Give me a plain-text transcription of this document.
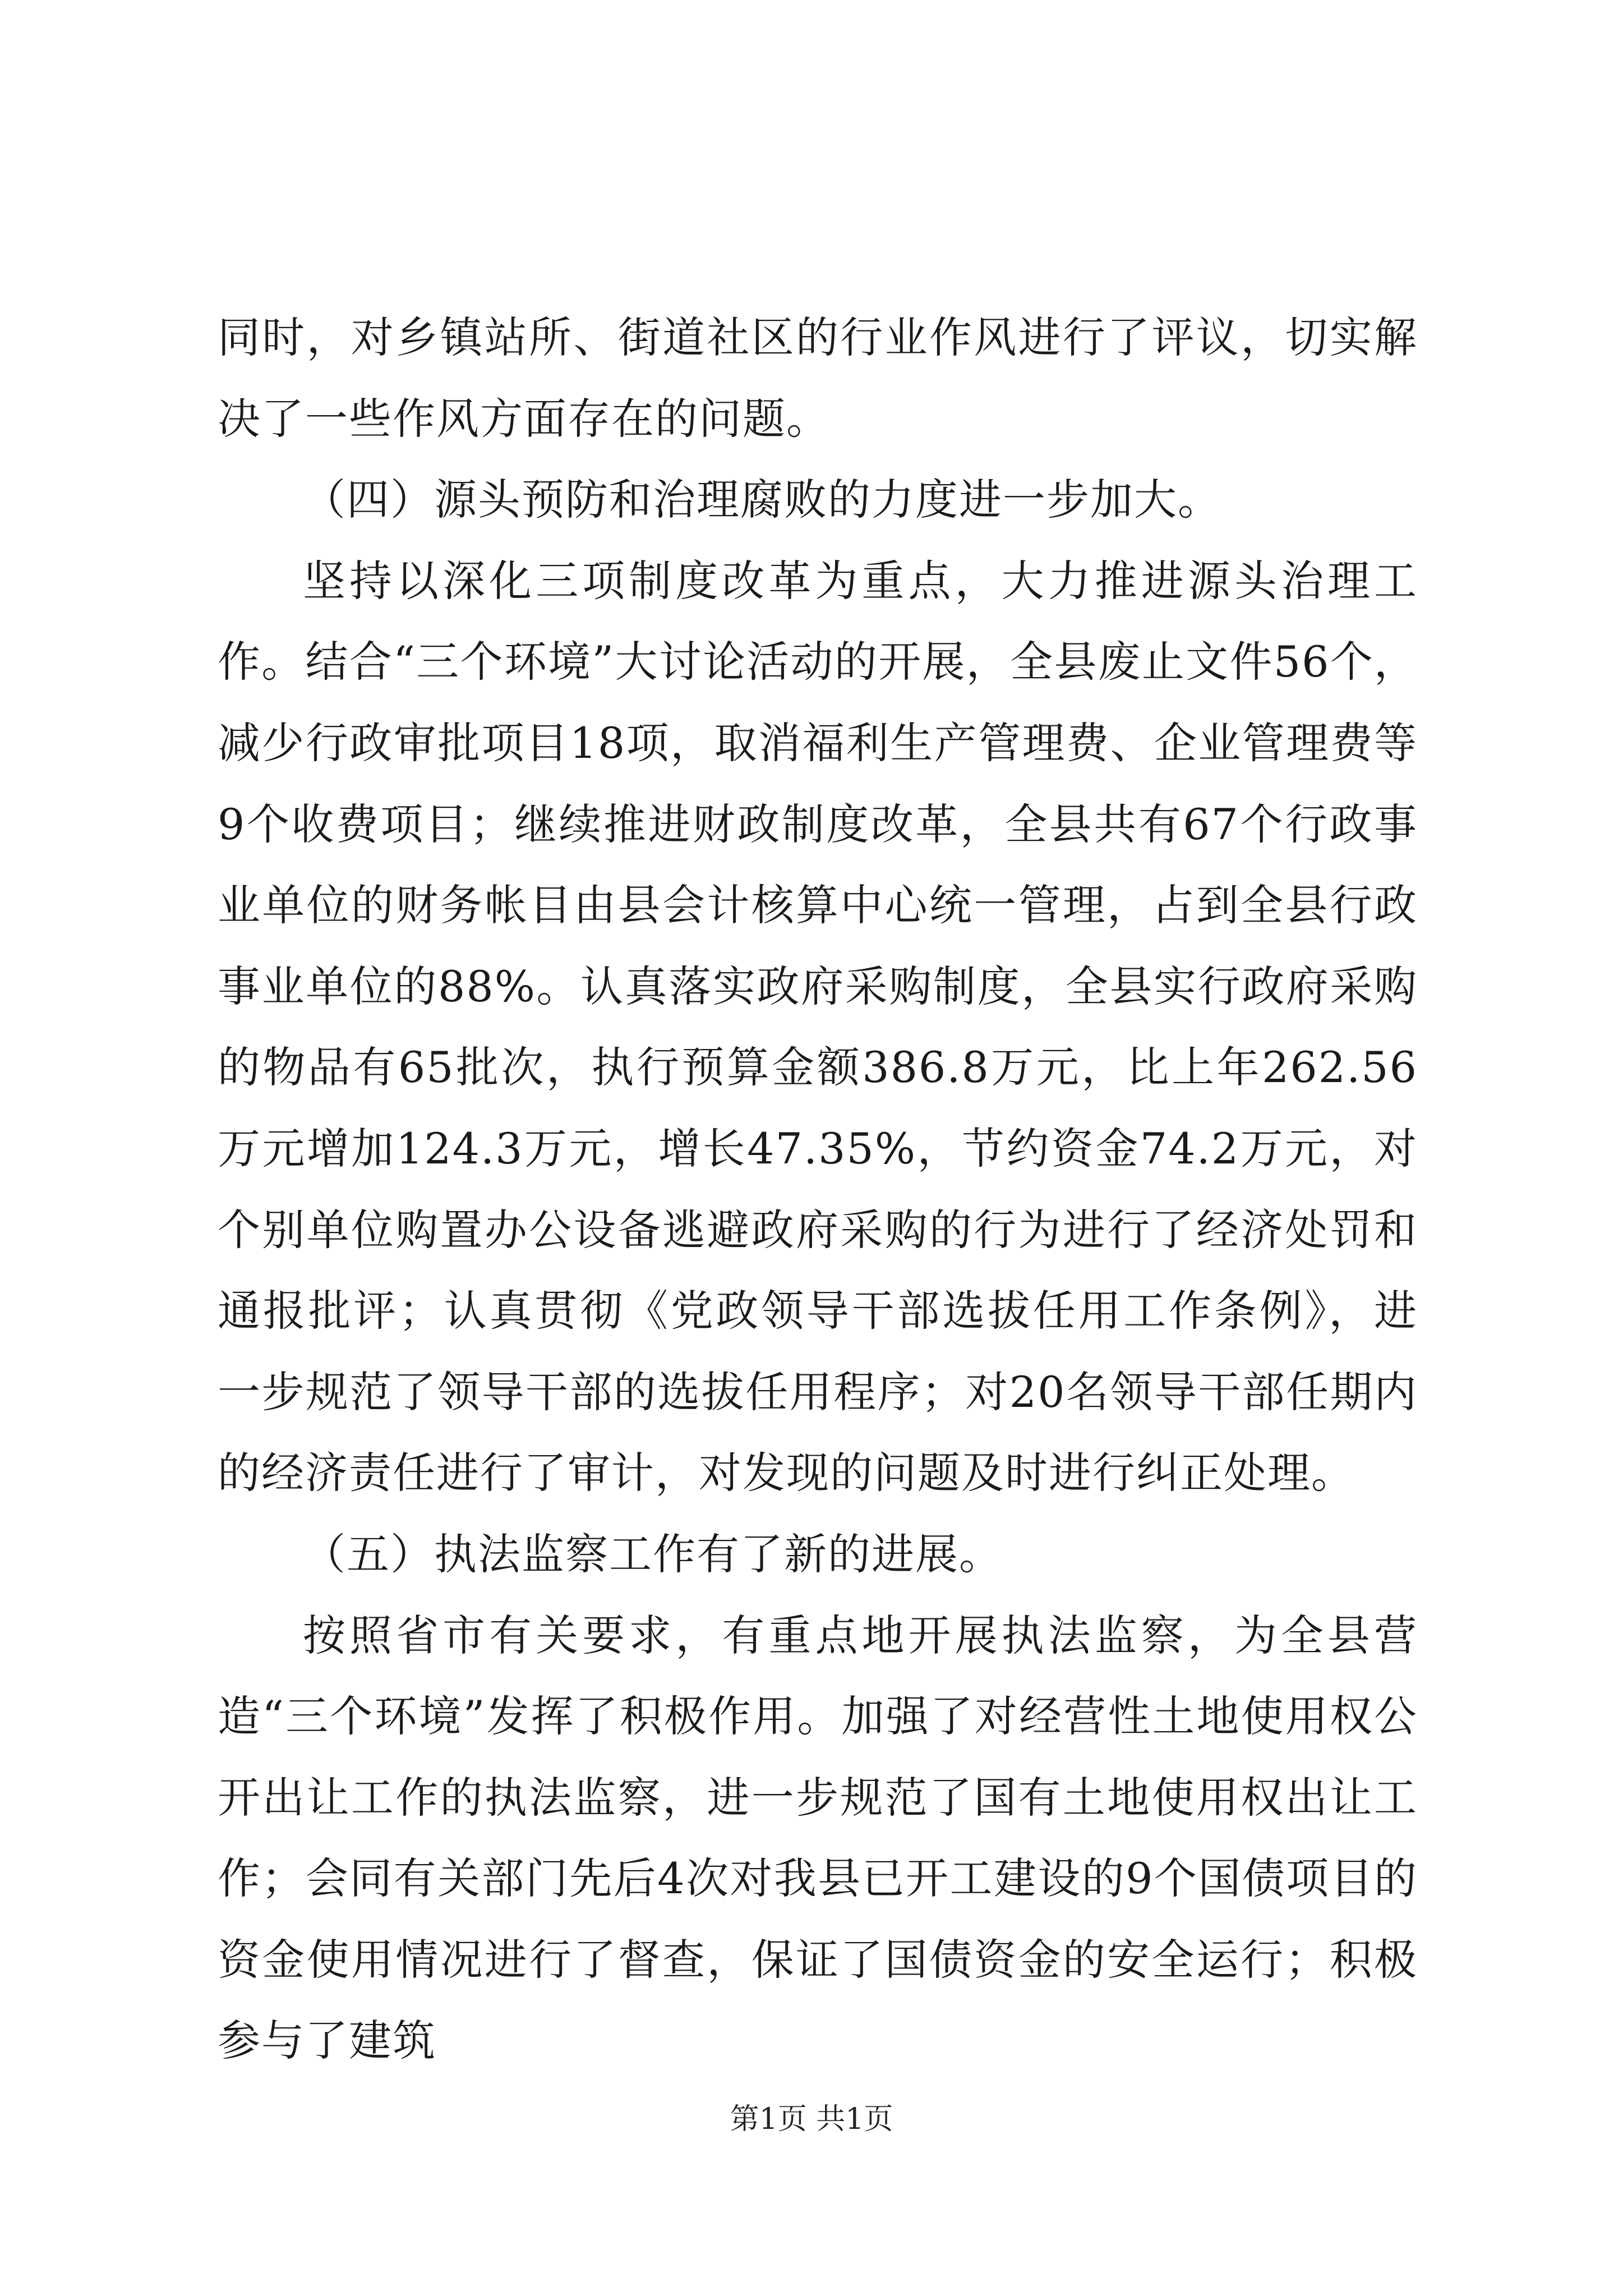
同时，对乡镇站所、街道社区的行业作风进行了评议，切实解决了一些作风方面存在的问题。

（四）源头预防和治理腐败的力度进一步加大。

坚持以深化三项制度改革为重点，大力推进源头治理工作。结合“三个环境”大讨论活动的开展，全县废止文件56个，减少行政审批项目18项，取消福利生产管理费、企业管理费等9个收费项目；继续推进财政制度改革，全县共有67个行政事业单位的财务帐目由县会计核算中心统一管理，占到全县行政事业单位的88%。认真落实政府采购制度，全县实行政府采购的物品有65批次，执行预算金额386.8万元，比上年262.56万元增加124.3万元，增长47.35%，节约资金74.2万元，对个别单位购置办公设备逃避政府采购的行为进行了经济处罚和通报批评；认真贯彻《党政领导干部选拔任用工作条例》，进一步规范了领导干部的选拔任用程序；对20名领导干部任期内的经济责任进行了审计，对发现的问题及时进行纠正处理。

（五）执法监察工作有了新的进展。

按照省市有关要求，有重点地开展执法监察，为全县营造“三个环境”发挥了积极作用。加强了对经营性土地使用权公开出让工作的执法监察，进一步规范了国有土地使用权出让工作；会同有关部门先后4次对我县已开工建设的9个国债项目的资金使用情况进行了督查，保证了国债资金的安全运行；积极参与了建筑

第1页 共1页
